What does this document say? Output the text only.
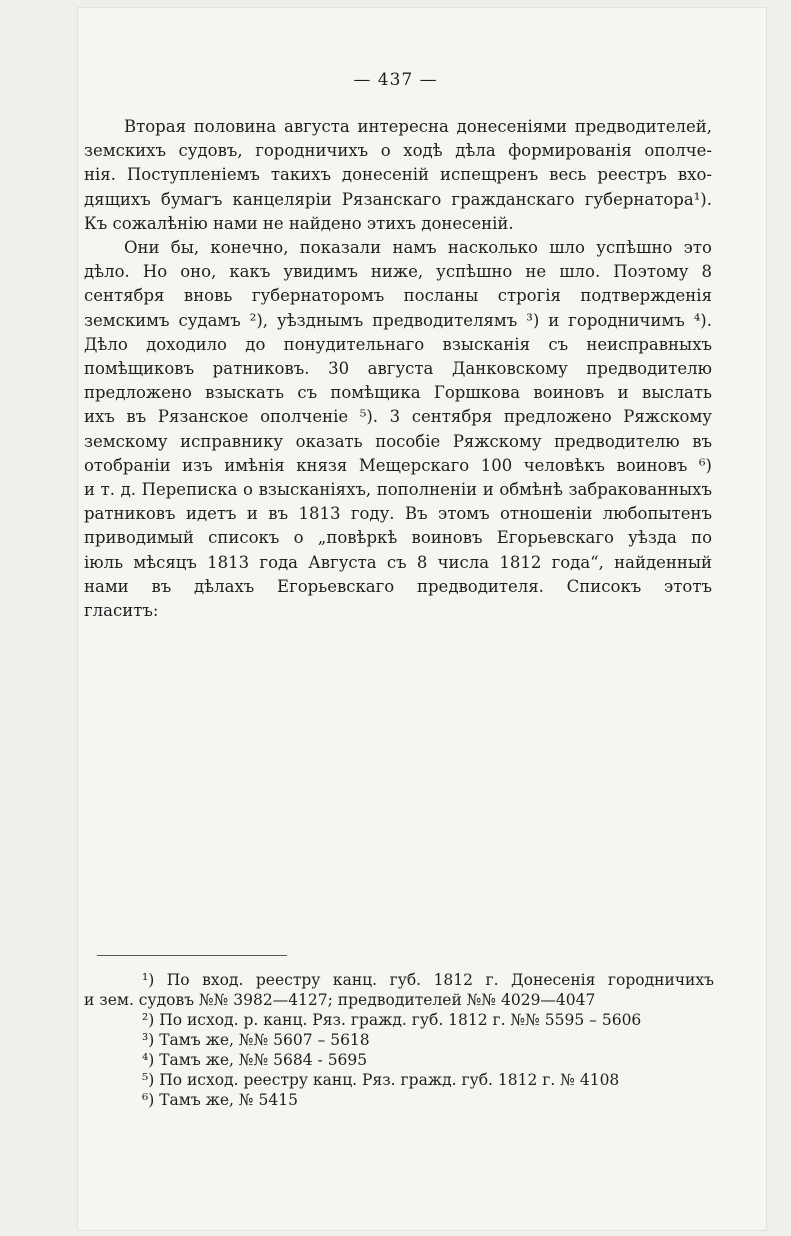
— 437 —

Вторая половина августа интересна донесеніями предводителей,
земскихъ судовъ, городничихъ о ходѣ дѣла формированія ополче-
нія. Поступленіемъ такихъ донесеній испещренъ весь реестръ вхо-
дящихъ бумагъ канцеляріи Рязанскаго гражданскаго губернатора¹).
Къ сожалѣнію нами не найдено этихъ донесеній.

Они бы, конечно, показали намъ насколько шло успѣшно это
дѣло. Но оно, какъ увидимъ ниже, успѣшно не шло. Поэтому 8
сентября вновь губернаторомъ посланы строгія подтвержденія
земскимъ судамъ ²), уѣзднымъ предводителямъ ³) и городничимъ ⁴).
Дѣло доходило до понудительнаго взысканія съ неисправныхъ
помѣщиковъ ратниковъ. 30 августа Данковскому предводителю
предложено взыскать съ помѣщика Горшкова воиновъ и выслать
ихъ въ Рязанское ополченіе ⁵). 3 сентября предложено Ряжскому
земскому исправнику оказать пособіе Ряжскому предводителю въ
отобраніи изъ имѣнія князя Мещерскаго 100 человѣкъ воиновъ ⁶)
и т. д. Переписка о взысканіяхъ, пополненіи и обмѣнѣ забракованныхъ
ратниковъ идетъ и въ 1813 году. Въ этомъ отношеніи любопытенъ
приводимый списокъ о „повѣркѣ воиновъ Егорьевскаго уѣзда по
іюль мѣсяцъ 1813 года Августа съ 8 числа 1812 года“, найденный
нами въ дѣлахъ Егорьевскаго предводителя. Списокъ этотъ
гласитъ:

¹) По вход. реестру канц. губ. 1812 г. Донесенія городничихъ
и зем. судовъ №№ 3982—4127; предводителей №№ 4029—4047
²) По исход. р. канц. Ряз. гражд. губ. 1812 г. №№ 5595 – 5606
³) Тамъ же, №№ 5607 – 5618
⁴) Тамъ же, №№ 5684 - 5695
⁵) По исход. реестру канц. Ряз. гражд. губ. 1812 г. № 4108
⁶) Тамъ же, № 5415
